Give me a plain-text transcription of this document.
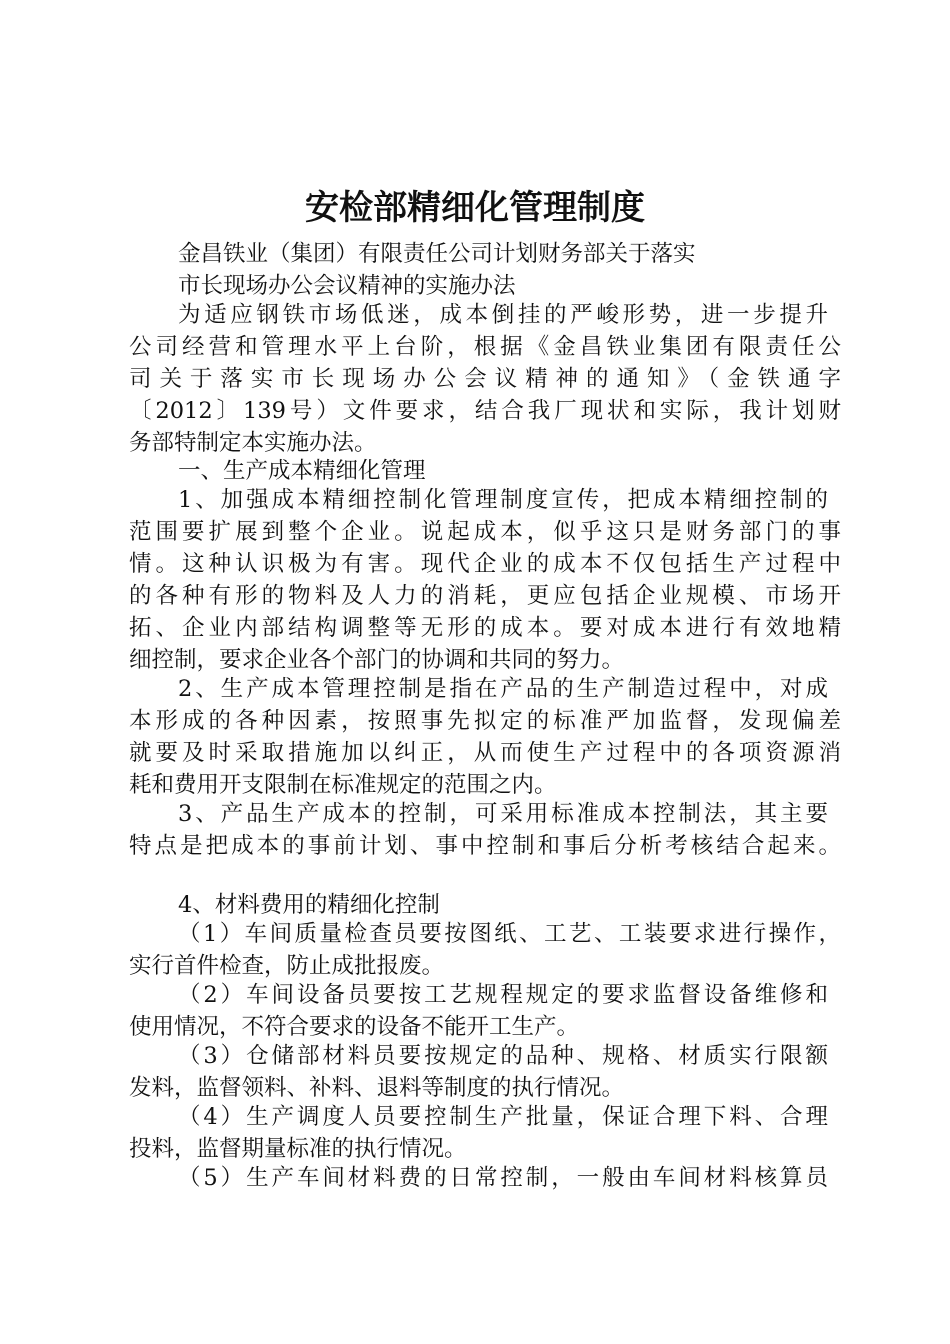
安检部精细化管理制度
金昌铁业（集团）有限责任公司计划财务部关于落实
市长现场办公会议精神的实施办法
为适应钢铁市场低迷，成本倒挂的严峻形势，进一步提升
公司经营和管理水平上台阶，根据《金昌铁业集团有限责任公
司关于落实市长现场办公会议精神的通知》（金铁通字
〔2012〕139号）文件要求，结合我厂现状和实际，我计划财
务部特制定本实施办法。
一、生产成本精细化管理
1、加强成本精细控制化管理制度宣传，把成本精细控制的
范围要扩展到整个企业。说起成本，似乎这只是财务部门的事
情。这种认识极为有害。现代企业的成本不仅包括生产过程中
的各种有形的物料及人力的消耗，更应包括企业规模、市场开
拓、企业内部结构调整等无形的成本。要对成本进行有效地精
细控制，要求企业各个部门的协调和共同的努力。
2、生产成本管理控制是指在产品的生产制造过程中，对成
本形成的各种因素，按照事先拟定的标准严加监督，发现偏差
就要及时采取措施加以纠正，从而使生产过程中的各项资源消
耗和费用开支限制在标准规定的范围之内。
3、产品生产成本的控制，可采用标准成本控制法，其主要
特点是把成本的事前计划、事中控制和事后分析考核结合起来。
4、材料费用的精细化控制
（1）车间质量检查员要按图纸、工艺、工装要求进行操作，
实行首件检查，防止成批报废。
（2）车间设备员要按工艺规程规定的要求监督设备维修和
使用情况，不符合要求的设备不能开工生产。
（3）仓储部材料员要按规定的品种、规格、材质实行限额
发料，监督领料、补料、退料等制度的执行情况。
（4）生产调度人员要控制生产批量，保证合理下料、合理
投料，监督期量标准的执行情况。
（5）生产车间材料费的日常控制，一般由车间材料核算员
